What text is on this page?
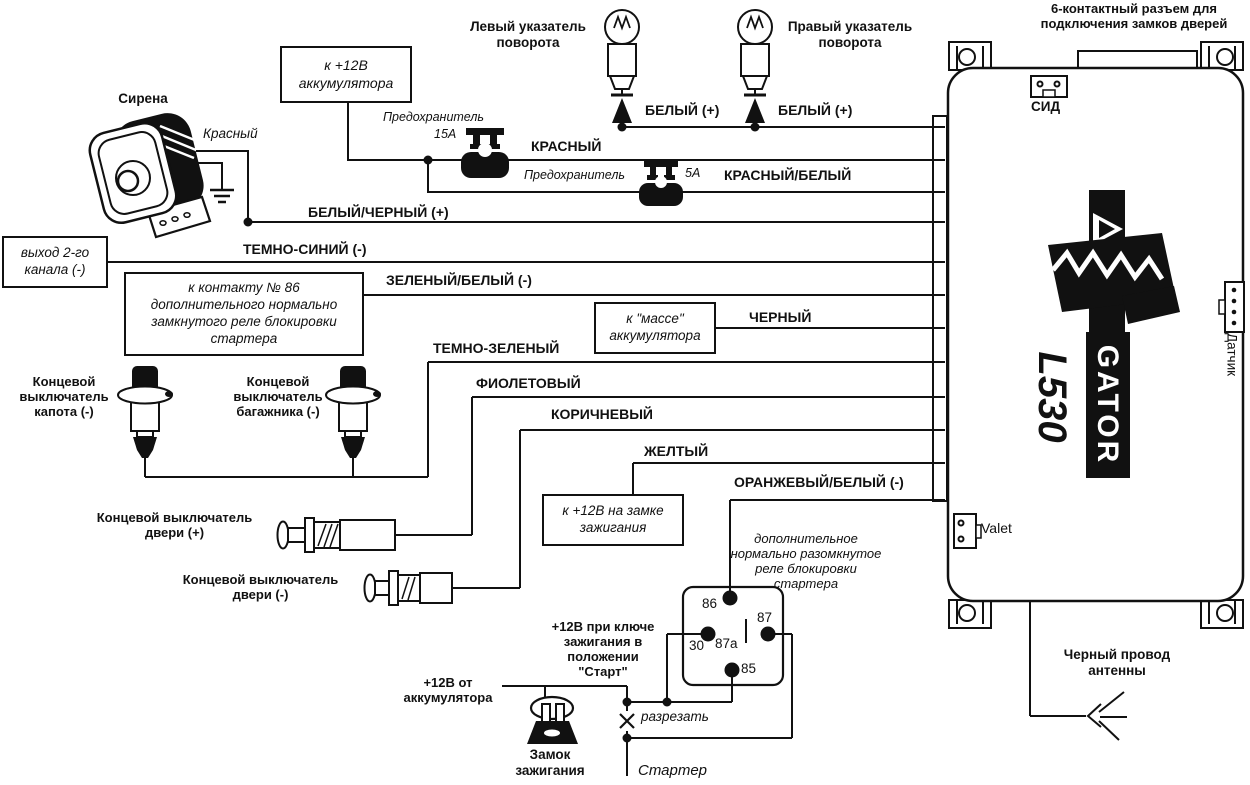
GATOR
L530
6-контактный разъем для подключения замков дверей
Левый указатель поворота
Правый указатель поворота
БЕЛЫЙ (+)	БЕЛЫЙ (+)
Сирена
Красный
Предохранитель
15А
Предохранитель	5А
КРАСНЫЙ
КРАСНЫЙ/БЕЛЫЙ
БЕЛЫЙ/ЧЕРНЫЙ (+)
ТЕМНО-СИНИЙ (-)
ЗЕЛЕНЫЙ/БЕЛЫЙ (-)
ЧЕРНЫЙ
ТЕМНО-ЗЕЛЕНЫЙ
ФИОЛЕТОВЫЙ
КОРИЧНЕВЫЙ
ЖЕЛТЫЙ
ОРАНЖЕВЫЙ/БЕЛЫЙ (-)
к +12В аккумулятора
выход 2-го канала (-)
к контакту № 86 дополнительного нормально замкнутого реле блокировки стартера
к "массе" аккумулятора
к +12В на замке зажигания
Концевой выключатель капота (-)
Концевой выключатель багажника (-)
Концевой выключатель двери (+)
Концевой выключатель двери (-)
дополнительное нормально разомкнутое реле блокировки стартера
86
30
87
87a
85
+12В при ключе зажигания в положении "Старт"
+12В от аккумулятора
Замок зажигания
разрезать
Стартер
Черный провод антенны
СИД
Valet
Датчик
